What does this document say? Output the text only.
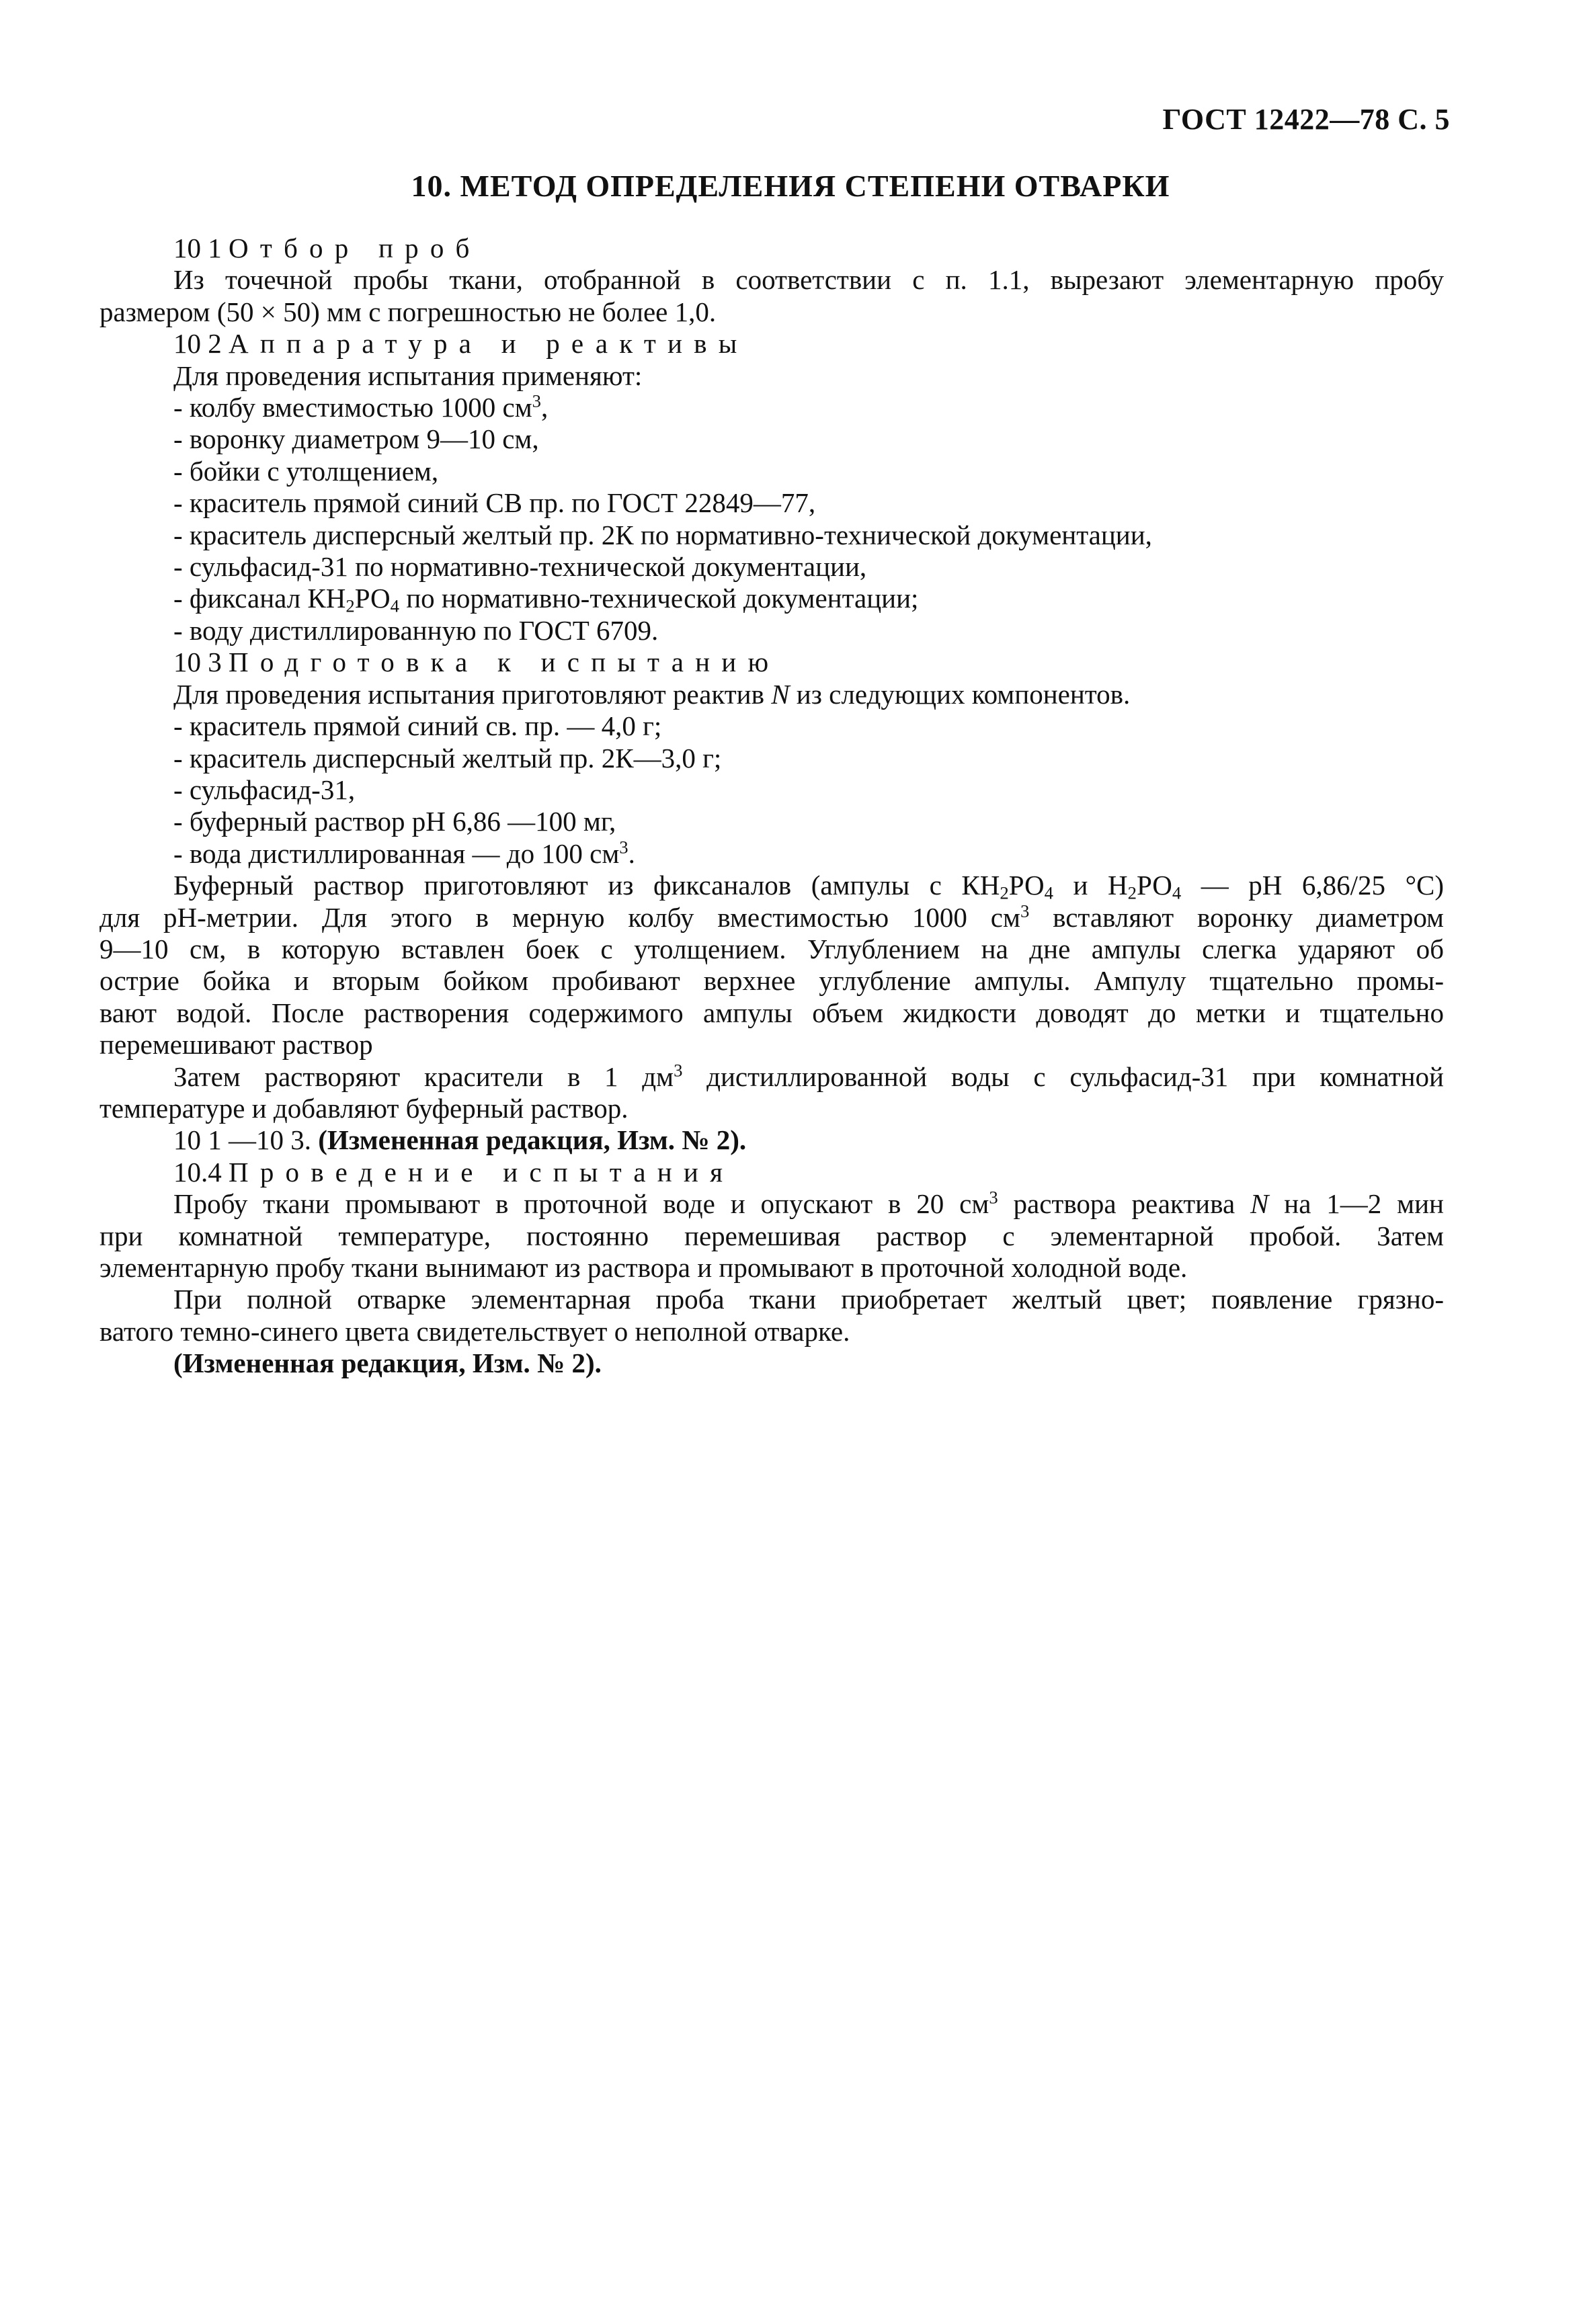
ГОСТ 12422—78 С. 5
10. МЕТОД ОПРЕДЕЛЕНИЯ СТЕПЕНИ ОТВАРКИ
10 1 Отбор проб
Из точечной пробы ткани, отобранной в соответствии с п. 1.1, вырезают элементарную пробу
размером (50 × 50) мм с погрешностью не более 1,0.
10 2 Аппаратура и реактивы
Для проведения испытания применяют:
- колбу вместимостью 1000 $см^3$,
- воронку диаметром 9—10 см,
- бойки с утолщением,
- краситель прямой синий СВ пр. по ГОСТ 22849—77,
- краситель дисперсный желтый пр. 2К по нормативно-технической документации,
- сульфасид-31 по нормативно-технической документации,
- фиксанал $КН_2РО_4$ по нормативно-технической документации;
- воду дистиллированную по ГОСТ 6709.
10 3 Подготовка к испытанию
Для проведения испытания приготовляют реактив N из следующих компонентов.
- краситель прямой синий св. пр. — 4,0 г;
- краситель дисперсный желтый пр. 2К—3,0 г;
- сульфасид-31,
- буферный раствор pH 6,86 —100 мг,
- вода дистиллированная — до 100 $см^3$.
Буферный раствор приготовляют из фиксаналов (ампулы с $КН_2РО_4$ и $Н_2РО_4$ — pH 6,86/25 °С)
для pH-метрии. Для этого в мерную колбу вместимостью 1000 $см^3$ вставляют воронку диаметром
9—10 см, в которую вставлен боек с утолщением. Углублением на дне ампулы слегка ударяют об
острие бойка и вторым бойком пробивают верхнее углубление ампулы. Ампулу тщательно промы-
вают водой. После растворения содержимого ампулы объем жидкости доводят до метки и тщательно
перемешивают раствор
Затем растворяют красители в 1 $дм^3$ дистиллированной воды с сульфасид-31 при комнатной
температуре и добавляют буферный раствор.
10 1 —10 3. (Измененная редакция, Изм. № 2).
10.4 Проведение испытания
Пробу ткани промывают в проточной воде и опускают в 20 $см^3$ раствора реактива N на 1—2 мин
при комнатной температуре, постоянно перемешивая раствор с элементарной пробой. Затем
элементарную пробу ткани вынимают из раствора и промывают в проточной холодной воде.
При полной отварке элементарная проба ткани приобретает желтый цвет; появление грязно-
ватого темно-синего цвета свидетельствует о неполной отварке.
(Измененная редакция, Изм. № 2).
